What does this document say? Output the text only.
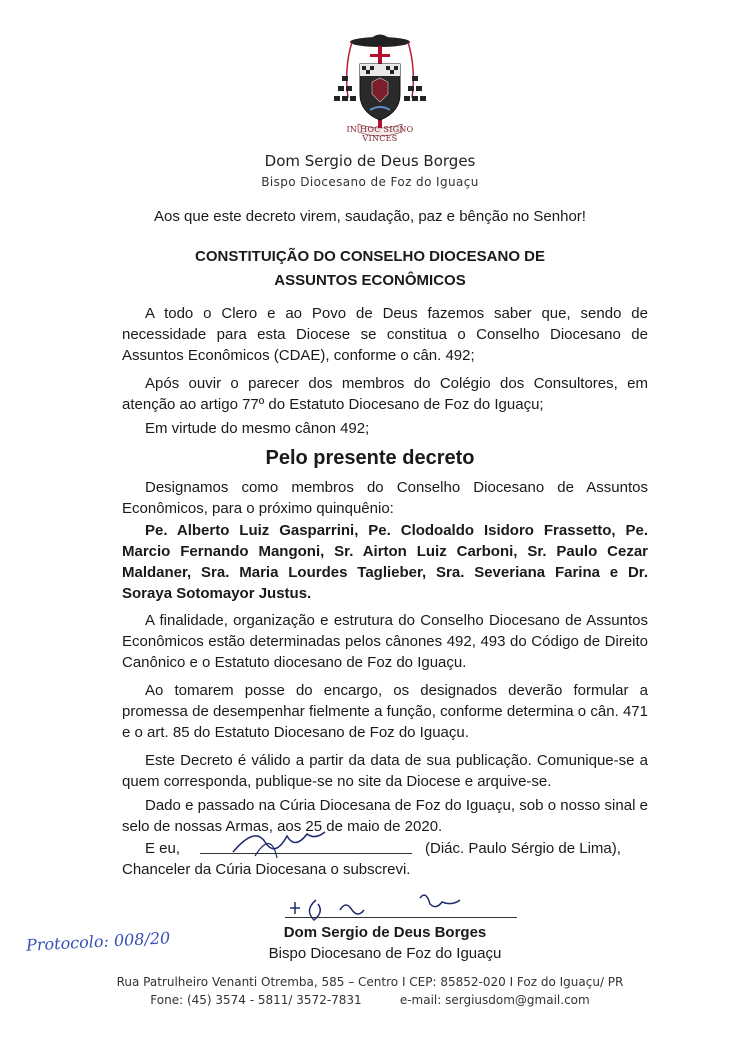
IN HOC SIGNO VINCES
Dom Sergio de Deus Borges
Bispo Diocesano de Foz do Iguaçu
Aos que este decreto virem, saudação, paz e bênção no Senhor!
CONSTITUIÇÃO DO CONSELHO DIOCESANO DE
ASSUNTOS ECONÔMICOS
A todo o Clero e ao Povo de Deus fazemos saber que, sendo de necessidade para esta Diocese se constitua o Conselho Diocesano de Assuntos Econômicos (CDAE), conforme o cân. 492;
Após ouvir o parecer dos membros do Colégio dos Consultores, em atenção ao artigo 77º do Estatuto Diocesano de Foz do Iguaçu;
Em virtude do mesmo cânon 492;
Pelo presente decreto
Designamos como membros do Conselho Diocesano de Assuntos Econômicos, para o próximo quinquênio:
Pe. Alberto Luiz Gasparrini, Pe. Clodoaldo Isidoro Frassetto, Pe. Marcio Fernando Mangoni, Sr. Airton Luiz Carboni, Sr. Paulo Cezar Maldaner, Sra. Maria Lourdes Taglieber, Sra. Severiana Farina e Dr. Soraya Sotomayor Justus.
A finalidade, organização e estrutura do Conselho Diocesano de Assuntos Econômicos estão determinadas pelos cânones 492, 493 do Código de Direito Canônico e o Estatuto diocesano de Foz do Iguaçu.
Ao tomarem posse do encargo, os designados deverão formular a promessa de desempenhar fielmente a função, conforme determina o cân. 471 e o art. 85 do Estatuto Diocesano de Foz do Iguaçu.
Este Decreto é válido a partir da data de sua publicação. Comunique-se a quem corresponda, publique-se no site da Diocese e arquive-se.
Dado e passado na Cúria Diocesana de Foz do Iguaçu, sob o nosso sinal e selo de nossas Armas, aos 25 de maio de 2020.
E eu,	(Diác. Paulo Sérgio de Lima),
Chanceler da Cúria Diocesana o subscrevi.
Dom Sergio de Deus Borges
Bispo Diocesano de Foz do Iguaçu
Protocolo: 008/20
Rua Patrulheiro Venanti Otremba, 585 – Centro I CEP: 85852-020 I Foz do Iguaçu/ PR
Fone: (45) 3574 - 5811/ 3572-7831          e-mail: sergiusdom@gmail.com
